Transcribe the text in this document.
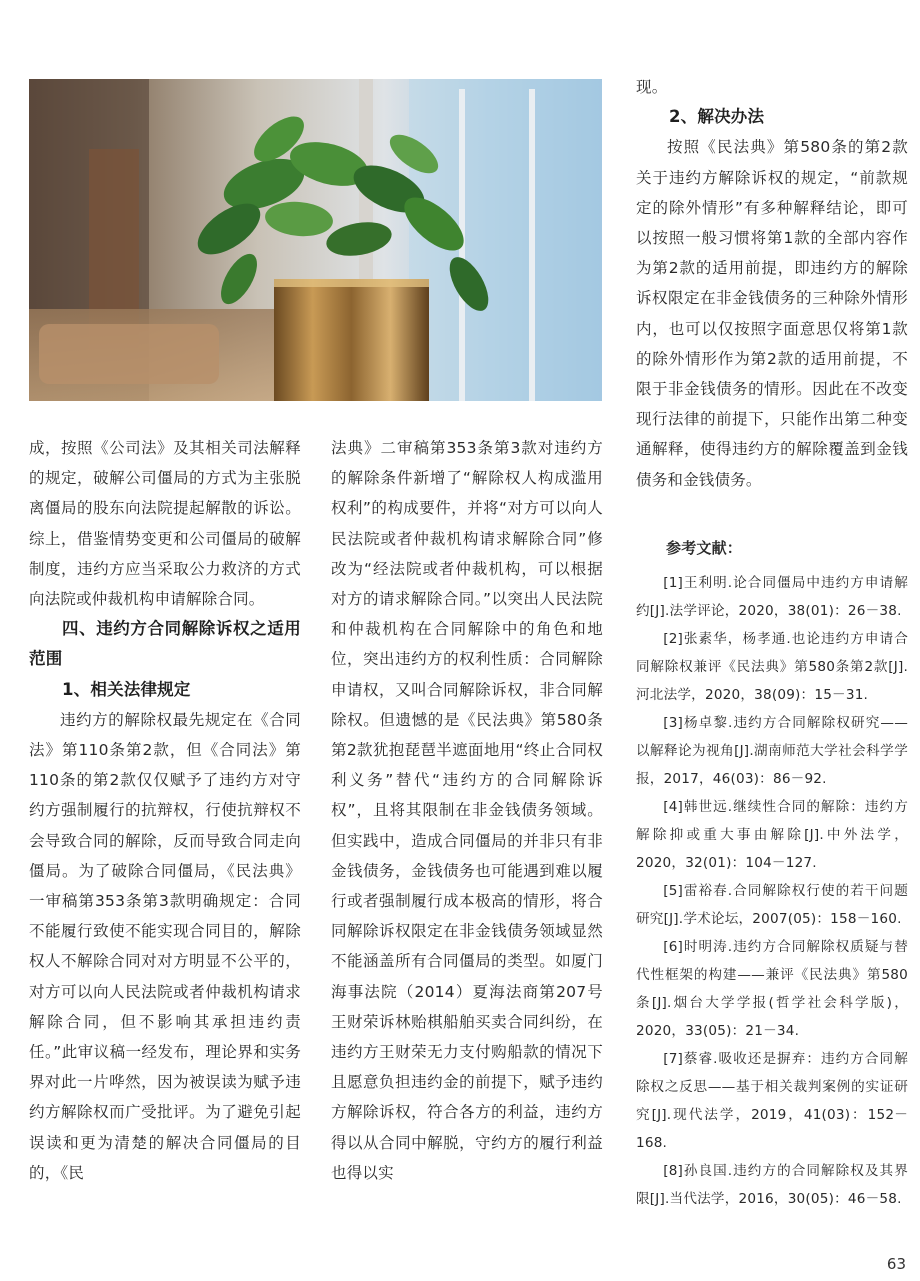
成，按照《公司法》及其相关司法解释的规定，破解公司僵局的方式为主张脱离僵局的股东向法院提起解散的诉讼。综上，借鉴情势变更和公司僵局的破解制度，违约方应当采取公力救济的方式向法院或仲裁机构申请解除合同。

四、违约方合同解除诉权之适用范围
1、相关法律规定

违约方的解除权最先规定在《合同法》第110条第2款，但《合同法》第110条的第2款仅仅赋予了违约方对守约方强制履行的抗辩权，行使抗辩权不会导致合同的解除，反而导致合同走向僵局。为了破除合同僵局，《民法典》一审稿第353条第3款明确规定：合同不能履行致使不能实现合同目的，解除权人不解除合同对对方明显不公平的，对方可以向人民法院或者仲裁机构请求解除合同，但不影响其承担违约责任。”此审议稿一经发布，理论界和实务界对此一片哗然，因为被误读为赋予违约方解除权而广受批评。为了避免引起误读和更为清楚的解决合同僵局的目的，《民

法典》二审稿第353条第3款对违约方的解除条件新增了“解除权人构成滥用权利”的构成要件，并将“对方可以向人民法院或者仲裁机构请求解除合同”修改为“经法院或者仲裁机构，可以根据对方的请求解除合同。”以突出人民法院和仲裁机构在合同解除中的角色和地位，突出违约方的权利性质：合同解除申请权，又叫合同解除诉权，非合同解除权。但遗憾的是《民法典》第580条第2款犹抱琵琶半遮面地用“终止合同权利义务”替代“违约方的合同解除诉权”，且将其限制在非金钱债务领域。但实践中，造成合同僵局的并非只有非金钱债务，金钱债务也可能遇到难以履行或者强制履行成本极高的情形，将合同解除诉权限定在非金钱债务领域显然不能涵盖所有合同僵局的类型。如厦门海事法院（2014）夏海法商第207号王财荣诉林贻棋船舶买卖合同纠纷，在违约方王财荣无力支付购船款的情况下且愿意负担违约金的前提下，赋予违约方解除诉权，符合各方的利益，违约方得以从合同中解脱，守约方的履行利益也得以实

现。

2、解决办法

按照《民法典》第580条的第2款关于违约方解除诉权的规定，“前款规定的除外情形”有多种解释结论，即可以按照一般习惯将第1款的全部内容作为第2款的适用前提，即违约方的解除诉权限定在非金钱债务的三种除外情形内，也可以仅按照字面意思仅将第1款的除外情形作为第2款的适用前提，不限于非金钱债务的情形。因此在不改变现行法律的前提下，只能作出第二种变通解释，使得违约方的解除覆盖到金钱债务和金钱债务。

参考文献：

[1]王利明.论合同僵局中违约方申请解约[J].法学评论，2020，38(01)：26－38.

[2]张素华，杨孝通.也论违约方申请合同解除权兼评《民法典》第580条第2款[J].河北法学，2020，38(09)：15－31.

[3]杨卓黎.违约方合同解除权研究——以解释论为视角[J].湖南师范大学社会科学学报，2017，46(03)：86－92.

[4]韩世远.继续性合同的解除：违约方解除抑或重大事由解除[J].中外法学，2020，32(01)：104－127.

[5]雷裕春.合同解除权行使的若干问题研究[J].学术论坛，2007(05)：158－160.

[6]时明涛.违约方合同解除权质疑与替代性框架的构建——兼评《民法典》第580条[J].烟台大学学报(哲学社会科学版)，2020，33(05)：21－34.

[7]蔡睿.吸收还是摒弃：违约方合同解除权之反思——基于相关裁判案例的实证研究[J].现代法学，2019，41(03)：152－168.

[8]孙良国.违约方的合同解除权及其界限[J].当代法学，2016，30(05)：46－58.

63
